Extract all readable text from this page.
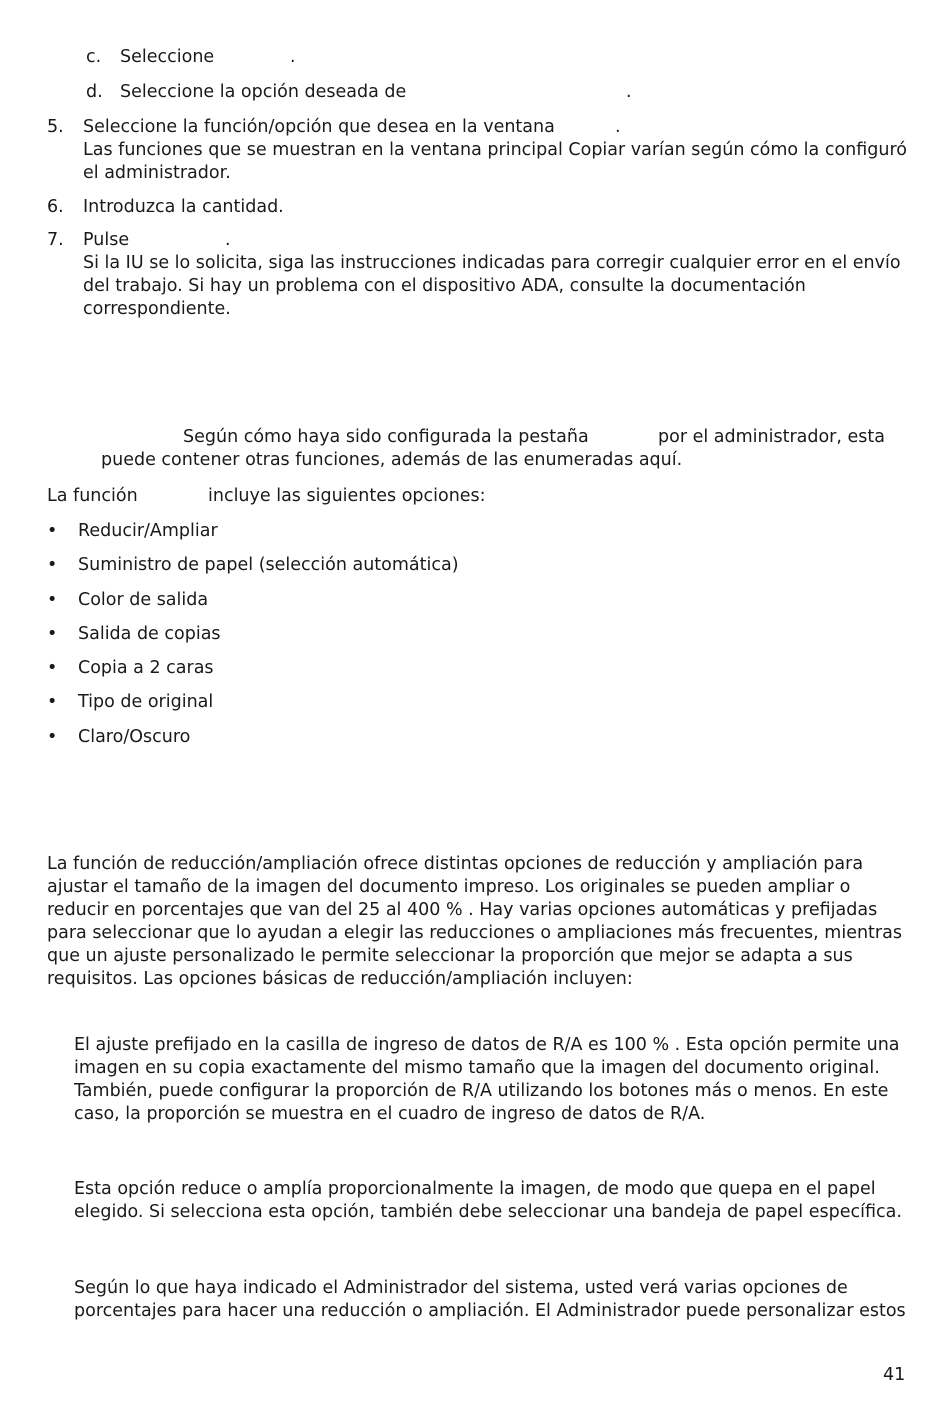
c. Seleccione	.
d. Seleccione la opción deseada de	.
5. Seleccione la función/opción que desea en la ventana	.

Las funciones que se muestran en la ventana principal Copiar varían según cómo la configuró

el administrador.

6. Introduzca la cantidad.
7. Pulse	.

Si la IU se lo solicita, siga las instrucciones indicadas para corregir cualquier error en el envío

del trabajo. Si hay un problema con el dispositivo ADA, consulte la documentación

correspondiente.

Según cómo haya sido configurada la pestaña	por el administrador, esta
puede contener otras funciones, además de las enumeradas aquí.
La función	incluye las siguientes opciones:
• Reducir/Ampliar
• Suministro de papel (selección automática)
• Color de salida
• Salida de copias
• Copia a 2 caras
• Tipo de original
• Claro/Oscuro

La función de reducción/ampliación ofrece distintas opciones de reducción y ampliación para

ajustar el tamaño de la imagen del documento impreso. Los originales se pueden ampliar o

reducir en porcentajes que van del 25 al 400 % . Hay varias opciones automáticas y prefijadas

para seleccionar que lo ayudan a elegir las reducciones o ampliaciones más frecuentes, mientras

que un ajuste personalizado le permite seleccionar la proporción que mejor se adapta a sus

requisitos. Las opciones básicas de reducción/ampliación incluyen:

El ajuste prefijado en la casilla de ingreso de datos de R/A es 100 % . Esta opción permite una

imagen en su copia exactamente del mismo tamaño que la imagen del documento original.

También, puede configurar la proporción de R/A utilizando los botones más o menos. En este

caso, la proporción se muestra en el cuadro de ingreso de datos de R/A.

Esta opción reduce o amplía proporcionalmente la imagen, de modo que quepa en el papel

elegido. Si selecciona esta opción, también debe seleccionar una bandeja de papel específica.

Según lo que haya indicado el Administrador del sistema, usted verá varias opciones de

porcentajes para hacer una reducción o ampliación. El Administrador puede personalizar estos

41
